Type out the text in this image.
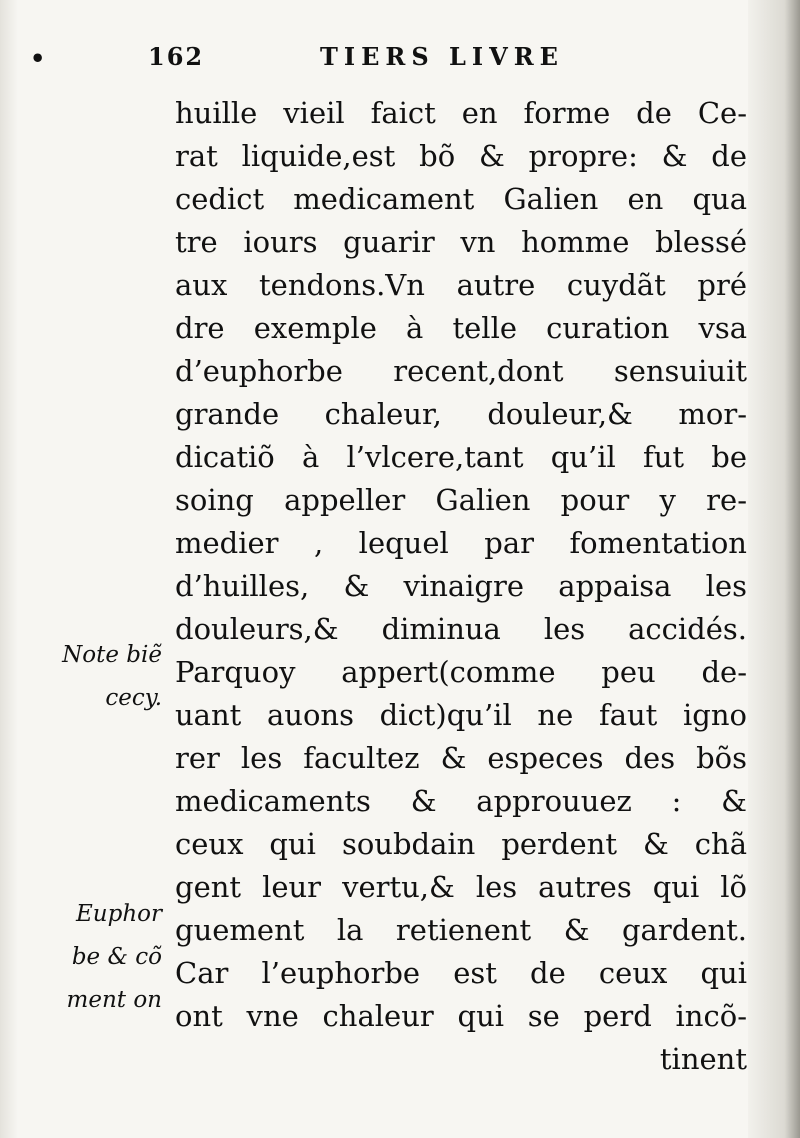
•	162	TIERS LIVRE
huille vieil faict en forme de Ce-
rat liquide,est bõ & propre: & de
cedict medicament Galien en qua
tre iours guarir vn homme blessé
aux tendons.Vn autre cuydãt pré
dre exemple à telle curation vsa
d’euphorbe recent,dont sensuiuit
grande chaleur, douleur,& mor-
dicatiõ à l’vlcere,tant qu’il fut be
soing appeller Galien pour y re-
medier , lequel par fomentation
d’huilles, & vinaigre appaisa les
douleurs,& diminua les accidés.
Parquoy appert(comme peu de-
uant auons dict)qu’il ne faut igno
rer les facultez & especes des bõs
medicaments & approuuez : &
ceux qui soubdain perdent & chã
gent leur vertu,& les autres qui lõ
guement la retienent & gardent.
Car l’euphorbe est de ceux qui
ont vne chaleur qui se perd incõ-
tinent
Note biẽ
cecy.
Euphor
be & cõ
ment on
